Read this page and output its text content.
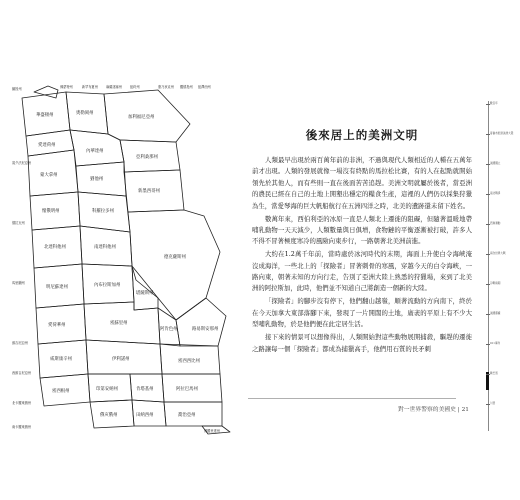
華盛頓州	奧勒岡州
加利福尼亞州
愛達荷州
內華達州
亞利桑那州
蒙大拿州
猶他州
新墨西哥州
懷俄明州	科羅拉多州
北達科他州	南達科他州
德克薩斯州
明尼蘇達州	內布拉斯加州
堪薩斯州
愛荷華州	密蘇里州
阿肯色州	路易斯安那州
威斯康辛州	伊利諾州	密西西比州
密西根州	印第安納州	肯塔基州	阿拉巴馬州
俄亥俄州	田納西州	喬治亞州
佛羅里達州
緬因州	佛蒙特州	新罕布夏州	麻薩諸塞州	紐約州	康乃狄克州 羅德島州 紐澤西州
賓夕法尼亞州
德拉瓦州
馬里蘭州
維吉尼亞州
西維吉尼亞州
北卡羅來納州
南卡羅來納州
後來居上的美洲文明

人類最早出現於兩百萬年前的非洲，不過與現代人類相近的人種在五萬年前才出現。人類的發展就像一場沒有終點的馬拉松比賽，有的人在起點就開始領先於其他人，而有些則一直在後面苦苦追趕。美洲文明就屬於後者，當亞洲的農民已經在自己的土地上開墾出穩定的糧食生產，這裡的人們仍以採集狩獵為生，當愛琴海的巨大帆船航行在五洲四洋之時，北美的遺跡還未留下姓名。

數萬年來，西伯利亞的冰原一直是人類北上遷徙的阻礙，但隨著溫暖地帶哺乳動物一天天減少，人類數量與日俱增，食物鏈的平衡逐漸被打破，許多人不得不冒著極度寒冷的風險向東步行，一路朝著北美洲前進。

大約在1.2萬千年前，當時處於冰河時代的末期，海面上升使白令海峽淹沒成海洋，一些北上的「探險者」冒著刺骨的寒風，穿越今天的白令海峽，一路向東，朝著未知的方向行走，告別了亞洲大陸上熟悉的狩獵場，來到了北美洲的阿拉斯加，此時，他們並不知道自己將創造一個新的大陸。

「探險者」的腳步沒有停下，他們翻山越嶺，順著流動的方向南下，終於在今天加拿大東部落腳下來，發現了一片開闊的土地，廣袤的平原上有不少大型哺乳動物，於是他們便在此定居生活。

接下來的情景可以想像得出，人類開始對這些動物展開捕殺，驅趕的遷徙之路讓每一個「探險者」都成為捕獵高手，他們用石質的長矛刺

對一世界警察的美國史 | 21
數百年
哥倫布抵達美洲大陸
美國獨立
南北戰爭
西進運動
兩次世界大戰
冷戰時期
美國霸權
911事件
歐巴馬
川普
